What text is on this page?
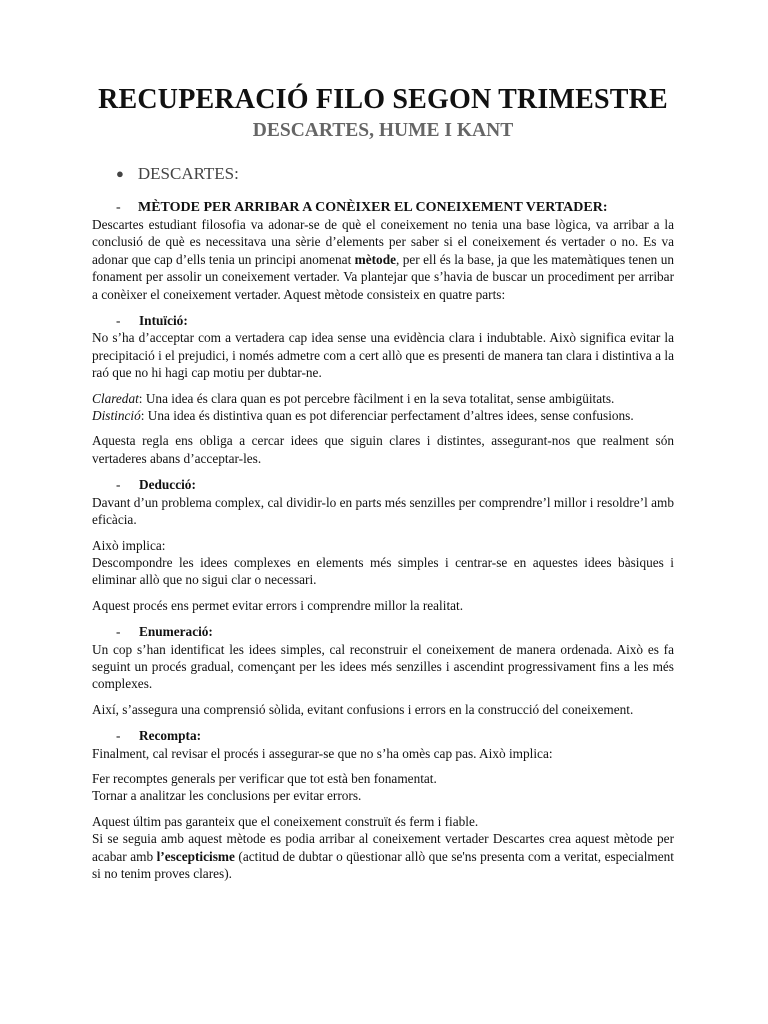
RECUPERACIÓ FILO SEGON TRIMESTRE
DESCARTES, HUME I KANT
● DESCARTES:
-	MÈTODE PER ARRIBAR A CONÈIXER EL CONEIXEMENT VERTADER:

Descartes estudiant filosofia va adonar-se de què el coneixement no tenia una base lògica, va arribar a la conclusió de què es necessitava una sèrie d’elements per saber si el coneixement és vertader o no. Es va adonar que cap d’ells tenia un principi anomenat mètode, per ell és la base, ja que les matemàtiques tenen un fonament per assolir un coneixement vertader. Va plantejar que s’havia de buscar un procediment per arribar a conèixer el coneixement vertader. Aquest mètode consisteix en quatre parts:

-	Intuïció:

No s’ha d’acceptar com a vertadera cap idea sense una evidència clara i indubtable. Això significa evitar la precipitació i el prejudici, i només admetre com a cert allò que es presenti de manera tan clara i distintiva a la raó que no hi hagi cap motiu per dubtar-ne.

Claredat: Una idea és clara quan es pot percebre fàcilment i en la seva totalitat, sense ambigüitats.

Distinció: Una idea és distintiva quan es pot diferenciar perfectament d’altres idees, sense confusions.

Aquesta regla ens obliga a cercar idees que siguin clares i distintes, assegurant-nos que realment són vertaderes abans d’acceptar-les.

-	Deducció:

Davant d’un problema complex, cal dividir-lo en parts més senzilles per comprendre’l millor i resoldre’l amb eficàcia.

Això implica:

Descompondre les idees complexes en elements més simples i centrar-se en aquestes idees bàsiques i eliminar allò que no sigui clar o necessari.

Aquest procés ens permet evitar errors i comprendre millor la realitat.

-	Enumeració:

Un cop s’han identificat les idees simples, cal reconstruir el coneixement de manera ordenada. Això es fa seguint un procés gradual, començant per les idees més senzilles i ascendint progressivament fins a les més complexes.

Així, s’assegura una comprensió sòlida, evitant confusions i errors en la construcció del coneixement.

-	Recompta:

Finalment, cal revisar el procés i assegurar-se que no s’ha omès cap pas. Això implica:

Fer recomptes generals per verificar que tot està ben fonamentat.

Tornar a analitzar les conclusions per evitar errors.

Aquest últim pas garanteix que el coneixement construït és ferm i fiable.

Si se seguia amb aquest mètode es podia arribar al coneixement vertader Descartes crea aquest mètode per acabar amb l’escepticisme (actitud de dubtar o qüestionar allò que se'ns presenta com a veritat, especialment si no tenim proves clares).
